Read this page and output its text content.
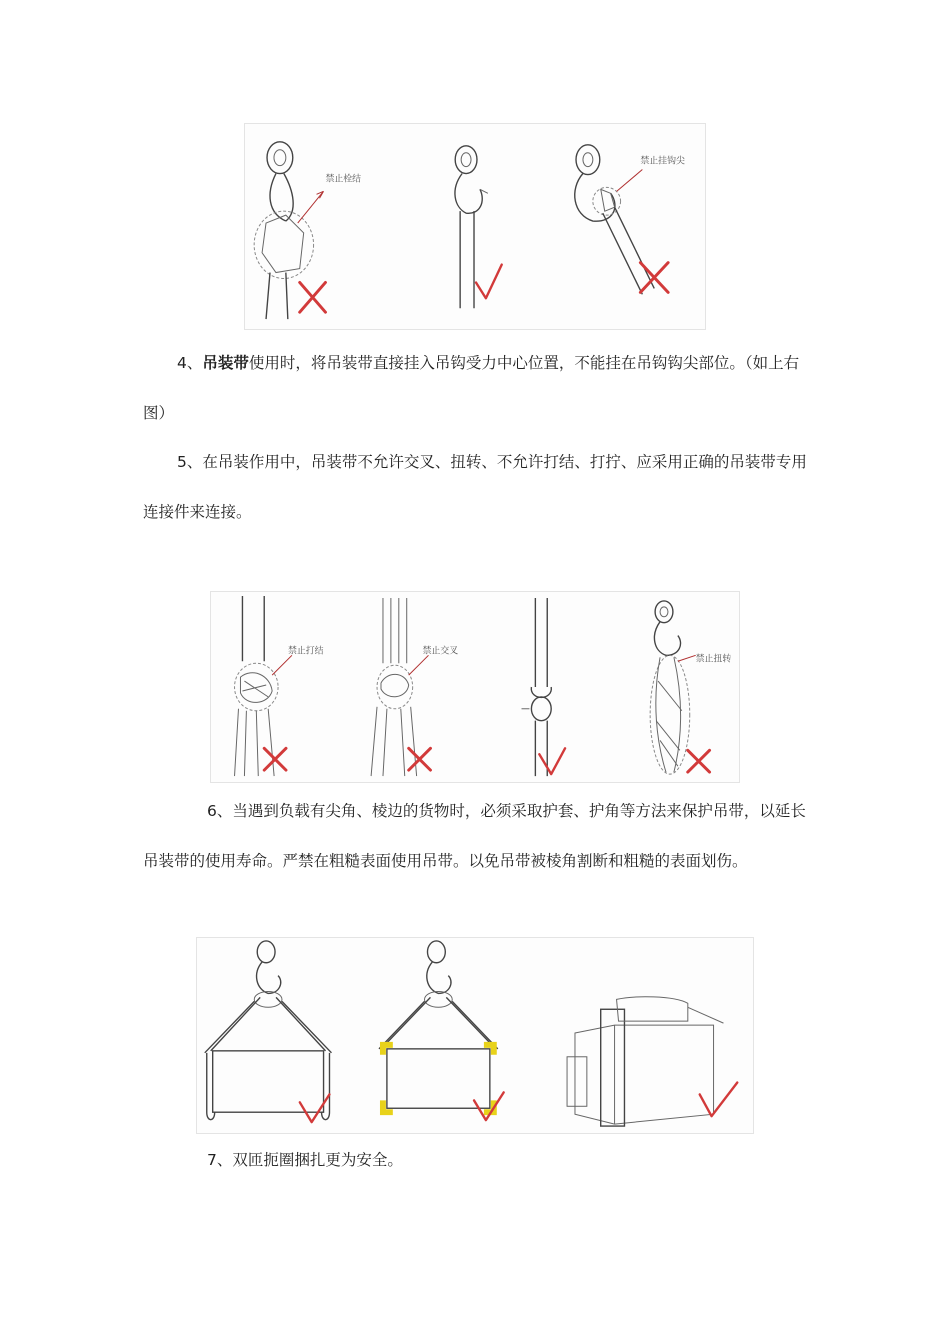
禁止栓结
禁止挂钩尖

4、吊装带使用时，将吊装带直接挂入吊钩受力中心位置，不能挂在吊钩钩尖部位。（如上右图）

5、在吊装作用中，吊装带不允许交叉、扭转、不允许打结、打拧、应采用正确的吊装带专用连接件来连接。

禁止打结	禁止交叉
禁止扭转

6、当遇到负载有尖角、棱边的货物时，必须采取护套、护角等方法来保护吊带，以延长吊装带的使用寿命。严禁在粗糙表面使用吊带。以免吊带被棱角割断和粗糙的表面划伤。

7、双匝扼圈捆扎更为安全。
